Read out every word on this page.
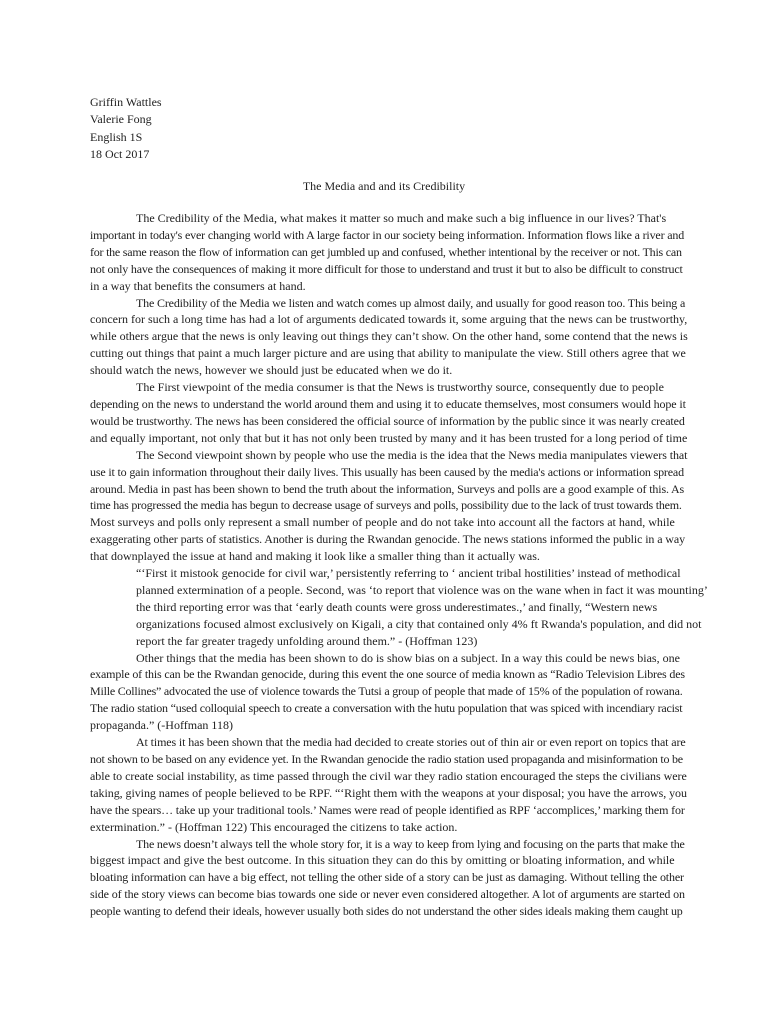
Griffin Wattles
Valerie Fong
English 1S
18 Oct 2017
The Media and and its Credibility

The Credibility of the Media, what makes it matter so much and make such a big influence in our lives? That's
important in today's ever changing world with A large factor in our society being information. Information flows like a river and
for the same reason the flow of information can get jumbled up and confused, whether intentional by the receiver or not. This can
not only have the consequences of making it more difficult for those to understand and trust it but to also be difficult to construct
in a way that benefits the consumers at hand.

The Credibility of the Media we listen and watch comes up almost daily, and usually for good reason too. This being a
concern for such a long time has had a lot of arguments dedicated towards it, some arguing that the news can be trustworthy,
while others argue that the news is only leaving out things they can’t show. On the other hand, some contend that the news is
cutting out things that paint a much larger picture and are using that ability to manipulate the view. Still others agree that we
should watch the news, however we should just be educated when we do it.

The First viewpoint of the media consumer is that the News is trustworthy source, consequently due to people
depending on the news to understand the world around them and using it to educate themselves, most consumers would hope it
would be trustworthy. The news has been considered the official source of information by the public since it was nearly created
and equally important, not only that but it has not only been trusted by many and it has been trusted for a long period of time

The Second viewpoint shown by people who use the media is the idea that the News media manipulates viewers that
use it to gain information throughout their daily lives. This usually has been caused by the media's actions or information spread
around. Media in past has been shown to bend the truth about the information, Surveys and polls are a good example of this. As
time has progressed the media has begun to decrease usage of surveys and polls, possibility due to the lack of trust towards them.
Most surveys and polls only represent a small number of people and do not take into account all the factors at hand, while
exaggerating other parts of statistics. Another is during the Rwandan genocide. The news stations informed the public in a way
that downplayed the issue at hand and making it look like a smaller thing than it actually was.

“‘First it mistook genocide for civil war,’ persistently referring to ‘ ancient tribal hostilities’ instead of methodical
planned extermination of a people. Second, was ‘to report that violence was on the wane when in fact it was mounting’
the third reporting error was that ‘early death counts were gross underestimates.,’ and finally, “Western news
organizations focused almost exclusively on Kigali, a city that contained only 4% ft Rwanda's population, and did not
report the far greater tragedy unfolding around them.” - (Hoffman 123)

Other things that the media has been shown to do is show bias on a subject. In a way this could be news bias, one
example of this can be the Rwandan genocide, during this event the one source of media known as “Radio Television Libres des
Mille Collines” advocated the use of violence towards the Tutsi a group of people that made of 15% of the population of rowana.
The radio station “used colloquial speech to create a conversation with the hutu population that was spiced with incendiary racist
propaganda.” (-Hoffman 118)

At times it has been shown that the media had decided to create stories out of thin air or even report on topics that are
not shown to be based on any evidence yet. In the Rwandan genocide the radio station used propaganda and misinformation to be
able to create social instability, as time passed through the civil war they radio station encouraged the steps the civilians were
taking, giving names of people believed to be RPF. “‘Right them with the weapons at your disposal; you have the arrows, you
have the spears… take up your traditional tools.’ Names were read of people identified as RPF ‘accomplices,’ marking them for
extermination.” - (Hoffman 122) This encouraged the citizens to take action.

The news doesn’t always tell the whole story for, it is a way to keep from lying and focusing on the parts that make the
biggest impact and give the best outcome. In this situation they can do this by omitting or bloating information, and while
bloating information can have a big effect, not telling the other side of a story can be just as damaging. Without telling the other
side of the story views can become bias towards one side or never even considered altogether. A lot of arguments are started on
people wanting to defend their ideals, however usually both sides do not understand the other sides ideals making them caught up
